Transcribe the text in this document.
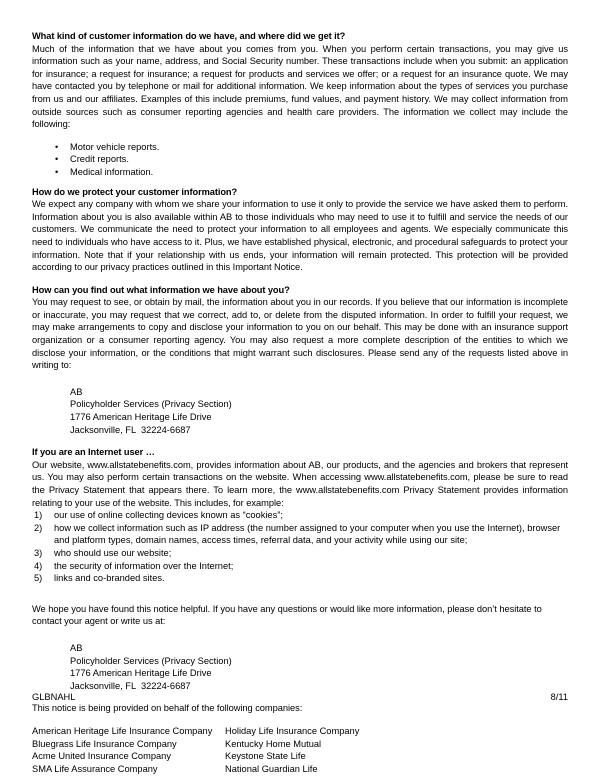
What kind of customer information do we have, and where did we get it?

Much of the information that we have about you comes from you. When you perform certain transactions, you may give us information such as your name, address, and Social Security number. These transactions include when you submit: an application for insurance; a request for insurance; a request for products and services we offer; or a request for an insurance quote. We may have contacted you by telephone or mail for additional information. We keep information about the types of services you purchase from us and our affiliates. Examples of this include premiums, fund values, and payment history. We may collect information from outside sources such as consumer reporting agencies and health care providers. The information we collect may include the following:

• Motor vehicle reports.
• Credit reports.
• Medical information.
How do we protect your customer information?

We expect any company with whom we share your information to use it only to provide the service we have asked them to perform. Information about you is also available within AB to those individuals who may need to use it to fulfill and service the needs of our customers. We communicate the need to protect your information to all employees and agents. We especially communicate this need to individuals who have access to it. Plus, we have established physical, electronic, and procedural safeguards to protect your information. Note that if your relationship with us ends, your information will remain protected. This protection will be provided according to our privacy practices outlined in this Important Notice.

How can you find out what information we have about you?

You may request to see, or obtain by mail, the information about you in our records. If you believe that our information is incomplete or inaccurate, you may request that we correct, add to, or delete from the disputed information. In order to fulfill your request, we may make arrangements to copy and disclose your information to you on our behalf. This may be done with an insurance support organization or a consumer reporting agency. You may also request a more complete description of the entities to which we disclose your information, or the conditions that might warrant such disclosures. Please send any of the requests listed above in writing to:

AB
Policyholder Services (Privacy Section)
1776 American Heritage Life Drive
Jacksonville, FL  32224-6687
If you are an Internet user …

Our website, www.allstatebenefits.com, provides information about AB, our products, and the agencies and brokers that represent us. You may also perform certain transactions on the website. When accessing www.allstatebenefits.com, please be sure to read the Privacy Statement that appears there. To learn more, the www.allstatebenefits.com Privacy Statement provides information relating to your use of the website. This includes, for example:

1) our use of online collecting devices known as “cookies”;
2) how we collect information such as IP address (the number assigned to your computer when you use the Internet), browser and platform types, domain names, access times, referral data, and your activity while using our site;
3) who should use our website;
4) the security of information over the Internet;
5) links and co-branded sites.

We hope you have found this notice helpful. If you have any questions or would like more information, please don’t hesitate to contact your agent or write us at:

AB
Policyholder Services (Privacy Section)
1776 American Heritage Life Drive
Jacksonville, FL  32224-6687

This notice is being provided on behalf of the following companies:

American Heritage Life Insurance Company	Holiday Life Insurance Company
Bluegrass Life Insurance Company	Kentucky Home Mutual
Acme United Insurance Company	Keystone State Life
SMA Life Assurance Company	National Guardian Life
GLBNAHL	8/11
